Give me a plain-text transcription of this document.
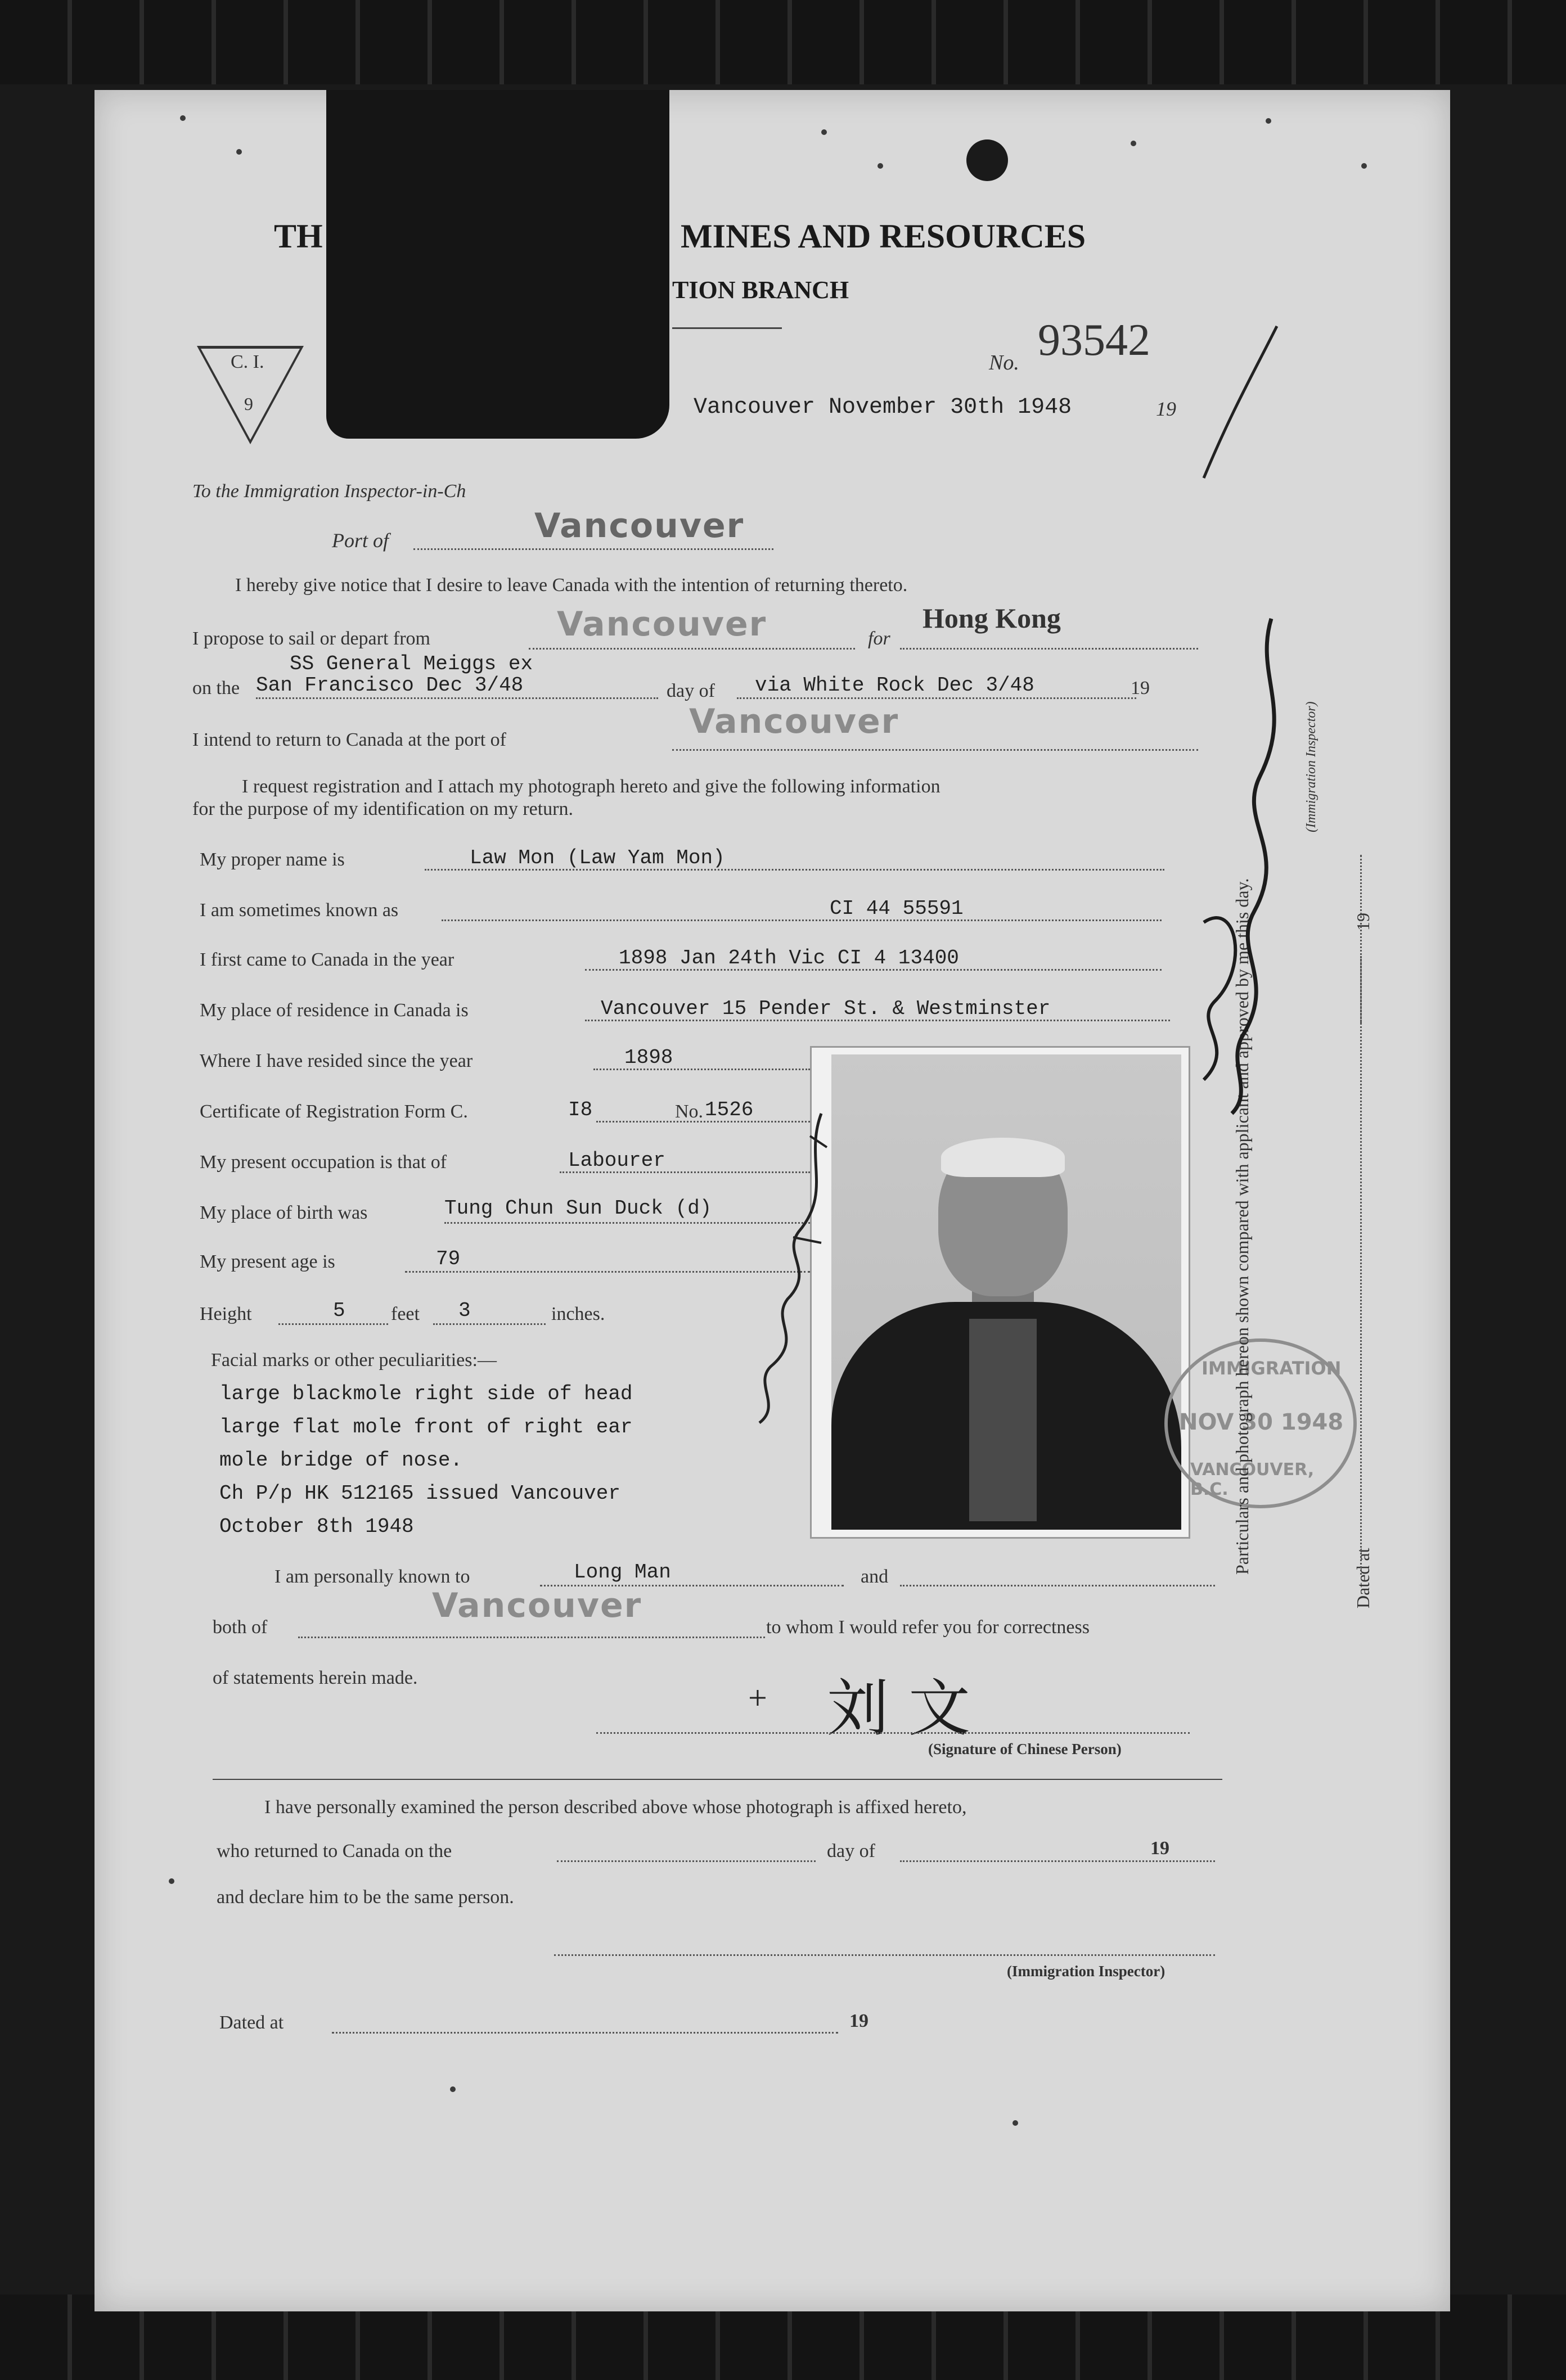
TH	MINES AND RESOURCES
TION BRANCH
C. I.
9
No. 93542
Vancouver November 30th 1948	19
To the Immigration Inspector-in-Ch
Port of	Vancouver
I hereby give notice that I desire to leave Canada with the intention of returning thereto.
I propose to sail or depart from	Vancouver	for
Hong Kong
SS General Meiggs ex
on the San Francisco Dec 3/48	day of via White Rock Dec 3/48	19
I intend to return to Canada at the port of	Vancouver
I request registration and I attach my photograph hereto and give the following information
for the purpose of my identification on my return.
My proper name is	Law Mon (Law Yam Mon)
I am sometimes known as	CI 44 55591
I first came to Canada in the year	1898 Jan 24th Vic CI 4 13400
My place of residence in Canada is	Vancouver 15 Pender St. & Westminster
Where I have resided since the year	1898
Certificate of Registration Form C.	I8	No. 1526
My present occupation is that of	Labourer
My place of birth was	Tung Chun Sun Duck (d)
My present age is	79
Height	5 feet 3	inches.
Facial marks or other peculiarities:—
large blackmole right side of head
large flat mole front of right ear
mole bridge of nose.
Ch P/p HK 512165 issued Vancouver
October 8th 1948
IMMIGRATION
NOV 30 1948
VANCOUVER, B.C.
I am personally known to	Long Man	and
both of
Vancouver
to whom I would refer you for correctness
of statements herein made.
+ 刘 文
(Signature of Chinese Person)
I have personally examined the person described above whose photograph is affixed hereto,
who returned to Canada on the	day of	19
and declare him to be the same person.
(Immigration Inspector)
Dated at	19
Particulars and photograph hereon shown compared with applicant and approved by me this day.
(Immigration Inspector)
Dated at
19
